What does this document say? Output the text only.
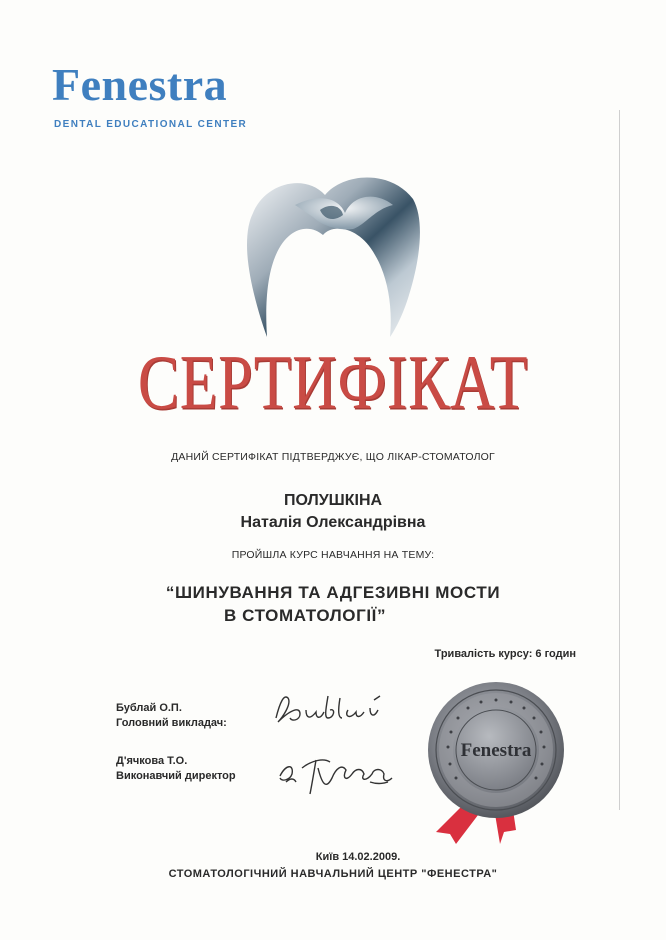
Fenestra
DENTAL EDUCATIONAL CENTER
СЕРТИФІКАТ
ДАНИЙ СЕРТИФІКАТ ПІДТВЕРДЖУЄ, ЩО ЛІКАР-СТОМАТОЛОГ
ПОЛУШКІНА
Наталія Олександрівна
ПРОЙШЛА КУРС НАВЧАННЯ НА ТЕМУ:
“ШИНУВАННЯ ТА АДГЕЗИВНІ МОСТИ
В СТОМАТОЛОГІЇ”
Тривалість курсу: 6 годин
Бублай О.П.
Головний викладач:
Д'ячкова Т.О.
Виконавчий директор
Fenestra
Київ 14.02.2009.
СТОМАТОЛОГІЧНИЙ НАВЧАЛЬНИЙ ЦЕНТР "ФЕНЕСТРА"
